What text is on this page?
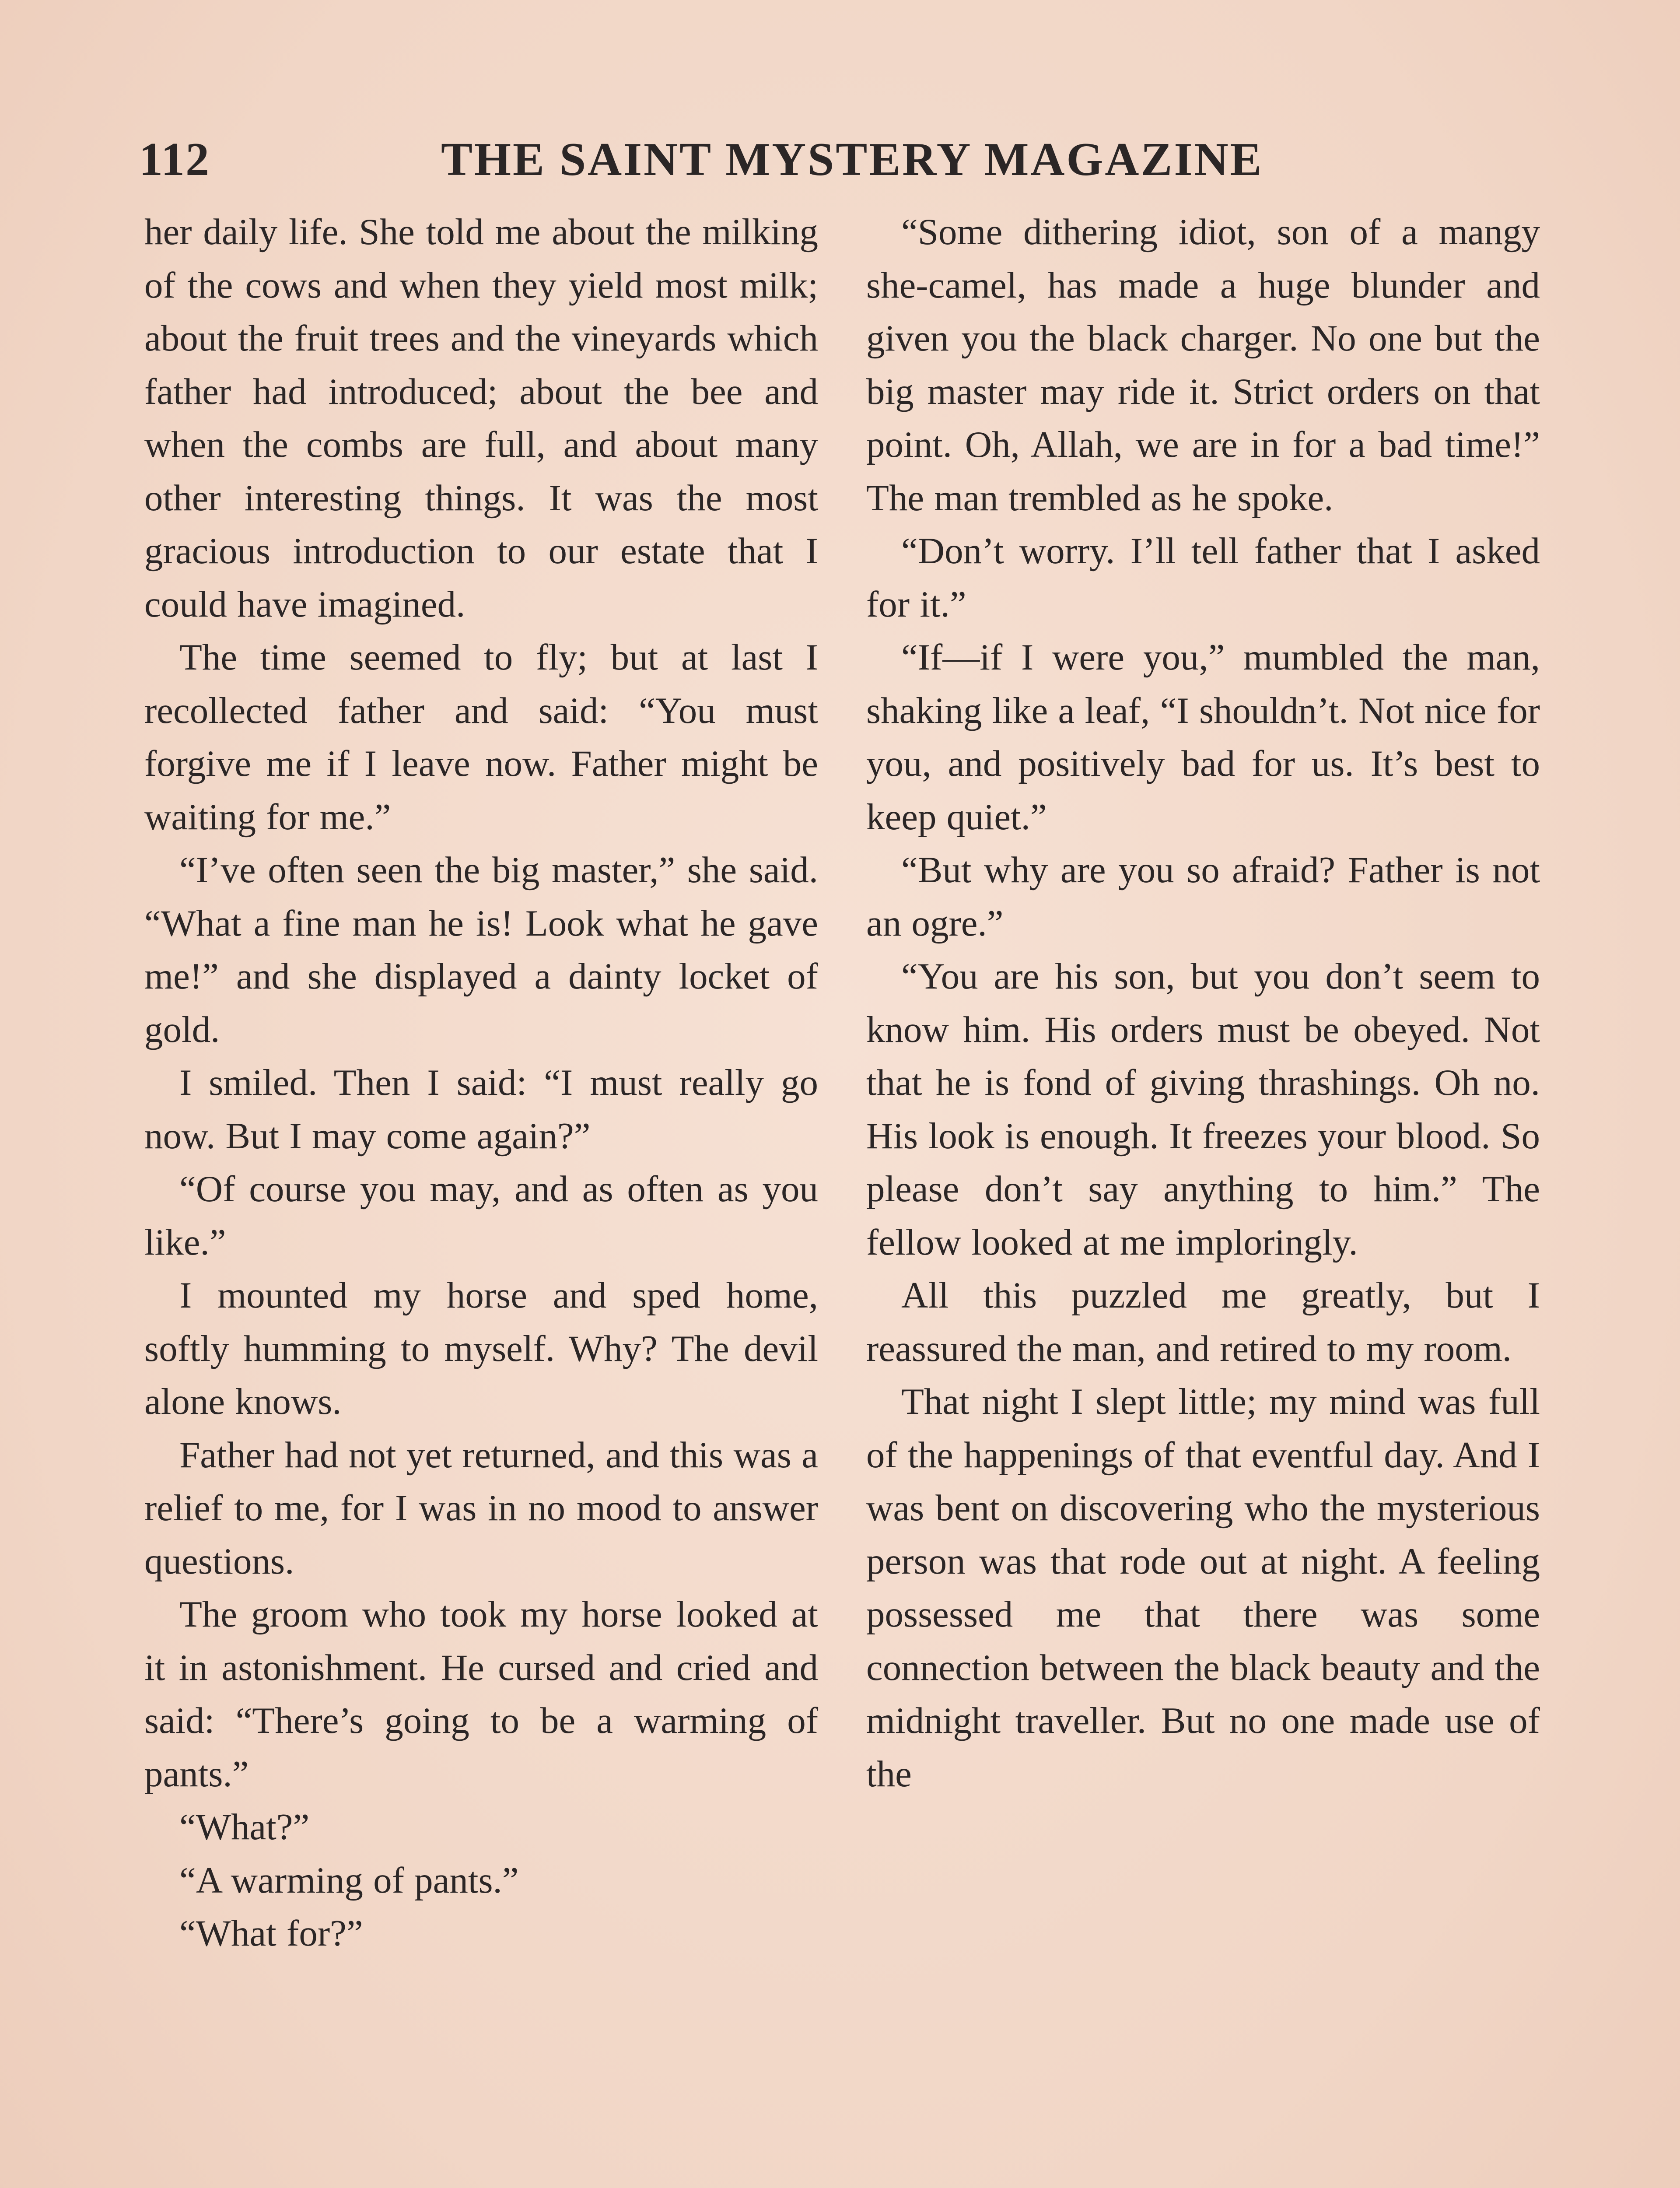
112	THE SAINT MYSTERY MAGAZINE

her daily life. She told me about the milking of the cows and when they yield most milk; about the fruit trees and the vineyards which father had introduced; about the bee and when the combs are full, and about many other interesting things. It was the most gracious introduction to our estate that I could have imagined.

The time seemed to fly; but at last I recollected father and said: “You must forgive me if I leave now. Father might be waiting for me.”

“I’ve often seen the big master,” she said. “What a fine man he is! Look what he gave me!” and she displayed a dainty locket of gold.

I smiled. Then I said: “I must really go now. But I may come again?”

“Of course you may, and as often as you like.”

I mounted my horse and sped home, softly humming to myself. Why? The devil alone knows.

Father had not yet returned, and this was a relief to me, for I was in no mood to answer questions.

The groom who took my horse looked at it in astonishment. He cursed and cried and said: “There’s going to be a warming of pants.”

“What?”

“A warming of pants.”

“What for?”

“Some dithering idiot, son of a mangy she-camel, has made a huge blunder and given you the black charger. No one but the big master may ride it. Strict orders on that point. Oh, Allah, we are in for a bad time!” The man trembled as he spoke.

“Don’t worry. I’ll tell father that I asked for it.”

“If—if I were you,” mumbled the man, shaking like a leaf, “I shouldn’t. Not nice for you, and positively bad for us. It’s best to keep quiet.”

“But why are you so afraid? Father is not an ogre.”

“You are his son, but you don’t seem to know him. His orders must be obeyed. Not that he is fond of giving thrashings. Oh no. His look is enough. It freezes your blood. So please don’t say anything to him.” The fellow looked at me imploringly.

All this puzzled me greatly, but I reassured the man, and retired to my room.

That night I slept little; my mind was full of the happenings of that eventful day. And I was bent on discovering who the mysterious person was that rode out at night. A feeling possessed me that there was some connection between the black beauty and the midnight traveller. But no one made use of the
